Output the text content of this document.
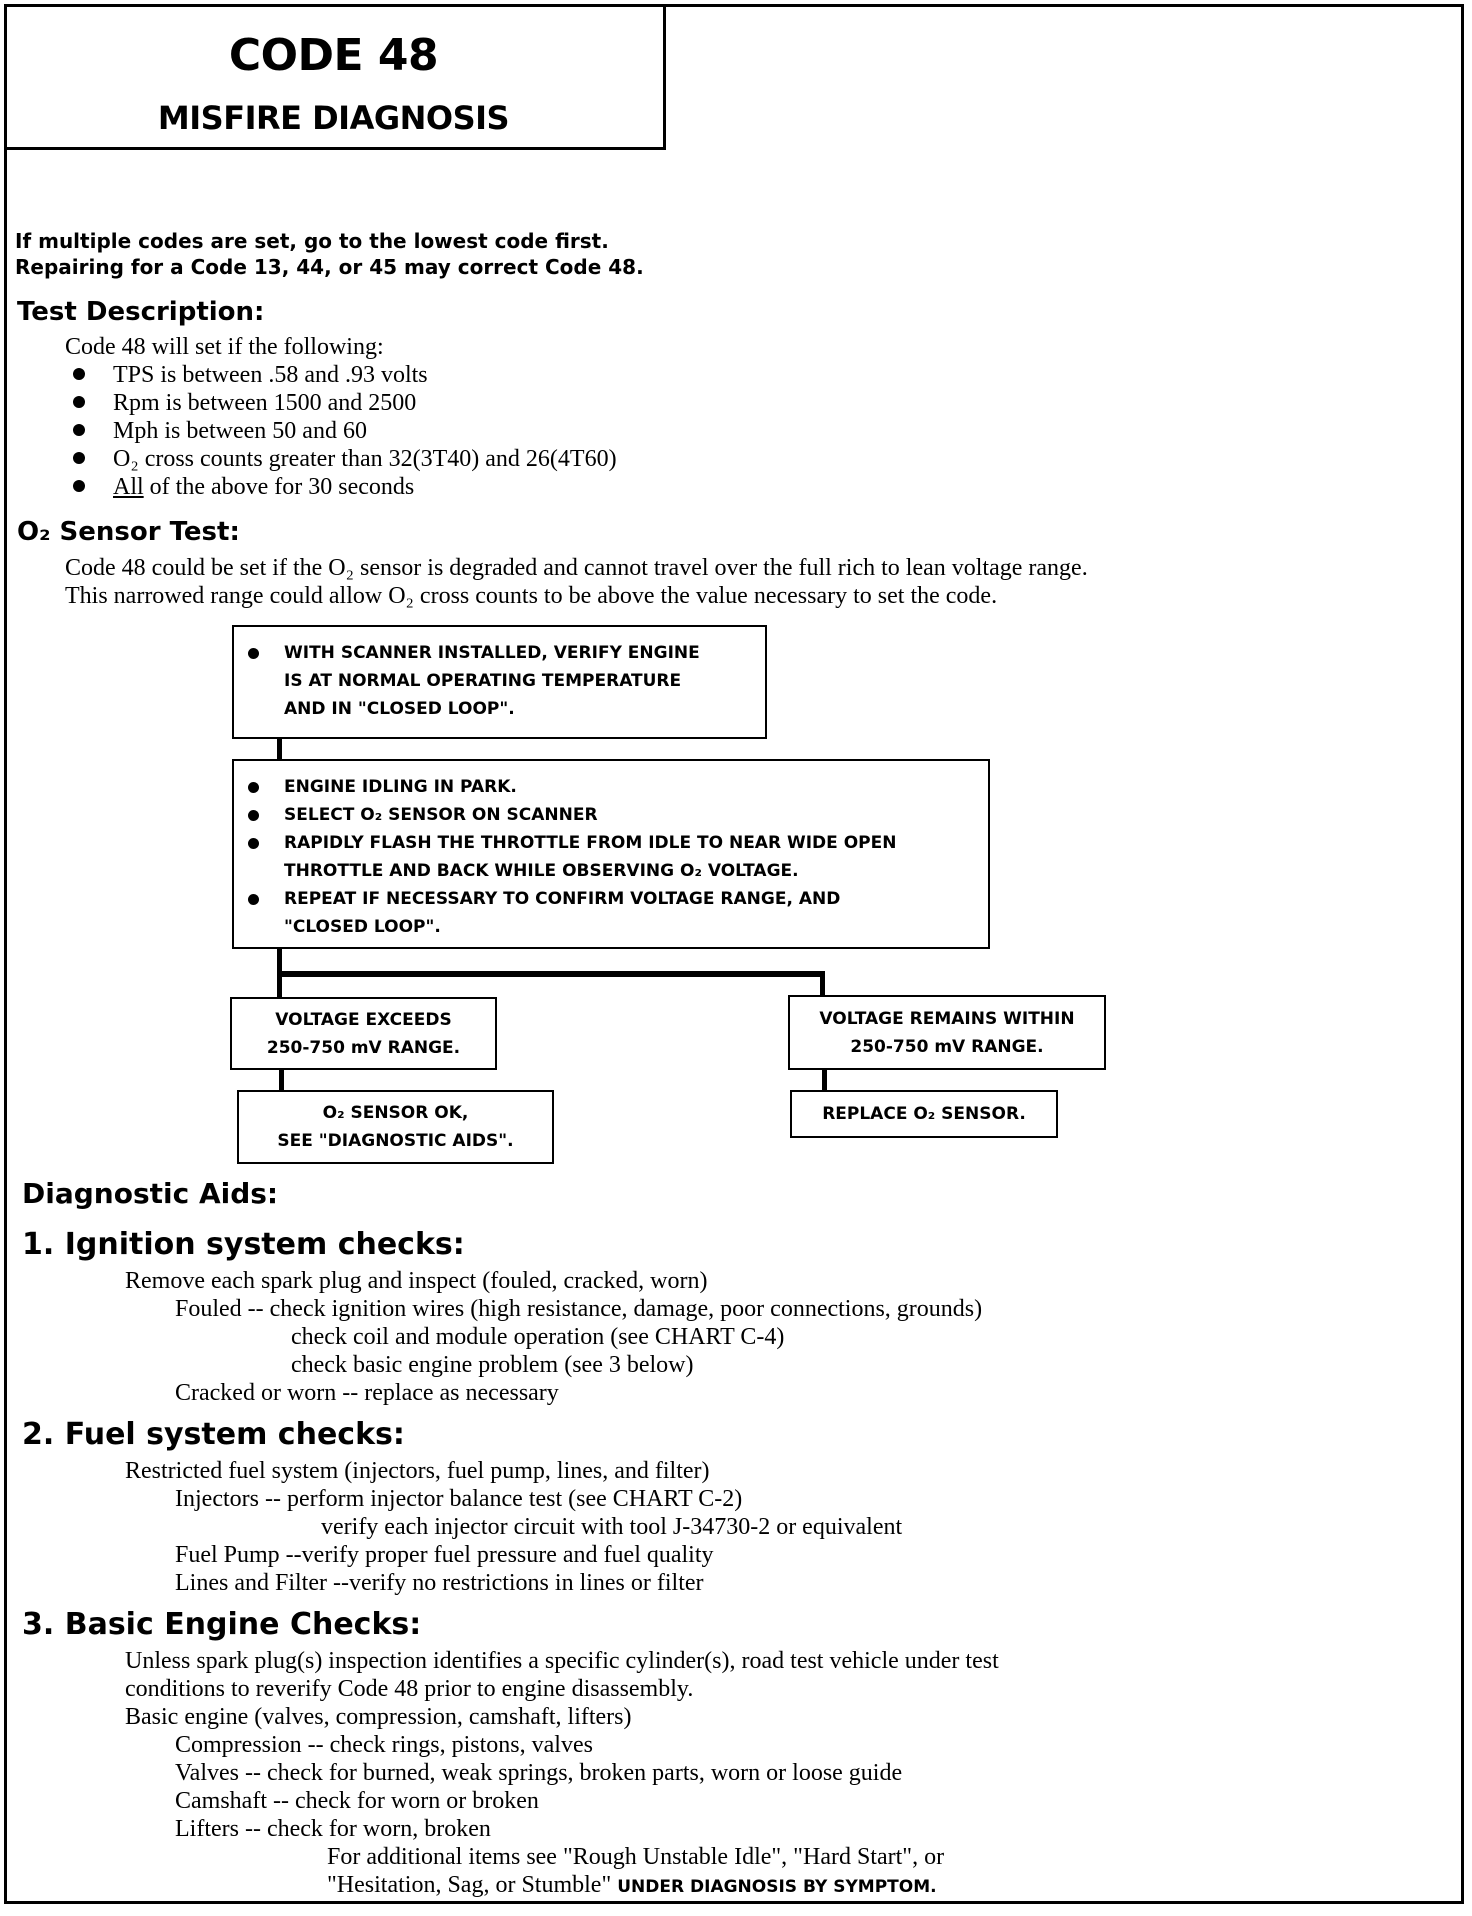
CODE 48
MISFIRE DIAGNOSIS
If multiple codes are set, go to the lowest code first.
Repairing for a Code 13, 44, or 45 may correct Code 48.
Test Description:
Code 48 will set if the following:
TPS is between .58 and .93 volts
Rpm is between 1500 and 2500
Mph is between 50 and 60
O₂ cross counts greater than 32(3T40) and 26(4T60)
All of the above for 30 seconds
O₂ Sensor Test:
Code 48 could be set if the O₂ sensor is degraded and cannot travel over the full rich to lean voltage range.
This narrowed range could allow O₂ cross counts to be above the value necessary to set the code.
WITH SCANNER INSTALLED, VERIFY ENGINE
IS AT NORMAL OPERATING TEMPERATURE
AND IN "CLOSED LOOP".
ENGINE IDLING IN PARK.
SELECT O₂ SENSOR ON SCANNER
RAPIDLY FLASH THE THROTTLE FROM IDLE TO NEAR WIDE OPEN
THROTTLE AND BACK WHILE OBSERVING O₂ VOLTAGE.
REPEAT IF NECESSARY TO CONFIRM VOLTAGE RANGE, AND
"CLOSED LOOP".
VOLTAGE EXCEEDS
250-750 mV RANGE.
VOLTAGE REMAINS WITHIN
250-750 mV RANGE.
O₂ SENSOR OK,
SEE "DIAGNOSTIC AIDS".
REPLACE O₂ SENSOR.
Diagnostic Aids:
1. Ignition system checks:
Remove each spark plug and inspect (fouled, cracked, worn)
Fouled -- check ignition wires (high resistance, damage, poor connections, grounds)
check coil and module operation (see CHART C-4)
check basic engine problem (see 3 below)
Cracked or worn -- replace as necessary
2. Fuel system checks:
Restricted fuel system (injectors, fuel pump, lines, and filter)
Injectors -- perform injector balance test (see CHART C-2)
verify each injector circuit with tool J-34730-2 or equivalent
Fuel Pump --verify proper fuel pressure and fuel quality
Lines and Filter --verify no restrictions in lines or filter
3. Basic Engine Checks:
Unless spark plug(s) inspection identifies a specific cylinder(s), road test vehicle under test
conditions to reverify Code 48 prior to engine disassembly.
Basic engine (valves, compression, camshaft, lifters)
Compression -- check rings, pistons, valves
Valves -- check for burned, weak springs, broken parts, worn or loose guide
Camshaft -- check for worn or broken
Lifters -- check for worn, broken
For additional items see "Rough Unstable Idle", "Hard Start", or
"Hesitation, Sag, or Stumble" UNDER DIAGNOSIS BY SYMPTOM.
